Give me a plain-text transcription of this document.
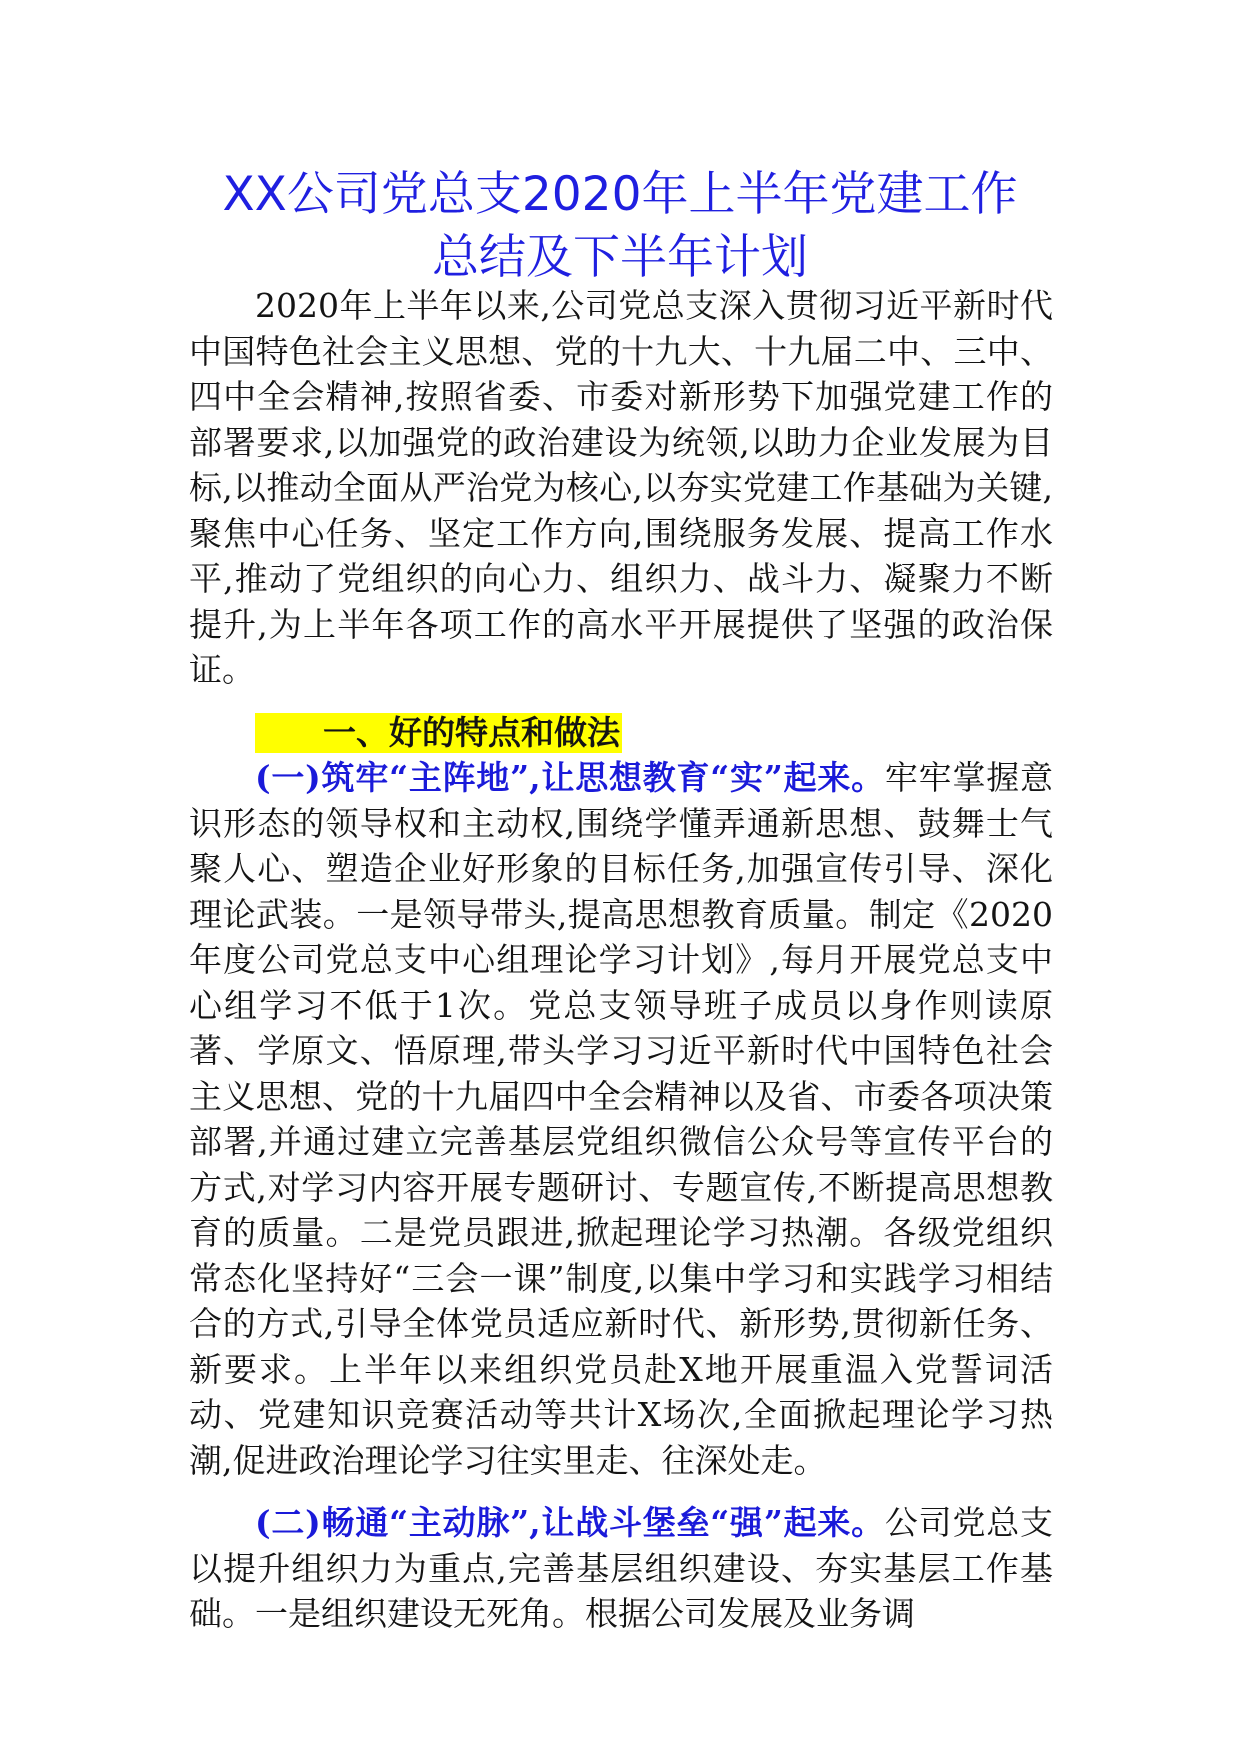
XX公司党总支2020年上半年党建工作
总结及下半年计划

2020年上半年以来,公司党总支深入贯彻习近平新时代中国特色社会主义思想、党的十九大、十九届二中、三中、四中全会精神,按照省委、市委对新形势下加强党建工作的部署要求,以加强党的政治建设为统领,以助力企业发展为目标,以推动全面从严治党为核心,以夯实党建工作基础为关键,聚焦中心任务、坚定工作方向,围绕服务发展、提高工作水平,推动了党组织的向心力、组织力、战斗力、凝聚力不断提升,为上半年各项工作的高水平开展提供了坚强的政治保证。

一、好的特点和做法

(一)筑牢“主阵地”,让思想教育“实”起来。牢牢掌握意识形态的领导权和主动权,围绕学懂弄通新思想、鼓舞士气聚人心、塑造企业好形象的目标任务,加强宣传引导、深化理论武装。一是领导带头,提高思想教育质量。制定《2020年度公司党总支中心组理论学习计划》,每月开展党总支中心组学习不低于1次。党总支领导班子成员以身作则读原著、学原文、悟原理,带头学习习近平新时代中国特色社会主义思想、党的十九届四中全会精神以及省、市委各项决策部署,并通过建立完善基层党组织微信公众号等宣传平台的方式,对学习内容开展专题研讨、专题宣传,不断提高思想教育的质量。二是党员跟进,掀起理论学习热潮。各级党组织常态化坚持好“三会一课”制度,以集中学习和实践学习相结合的方式,引导全体党员适应新时代、新形势,贯彻新任务、新要求。上半年以来组织党员赴X地开展重温入党誓词活动、党建知识竞赛活动等共计X场次,全面掀起理论学习热潮,促进政治理论学习往实里走、往深处走。

(二)畅通“主动脉”,让战斗堡垒“强”起来。公司党总支以提升组织力为重点,完善基层组织建设、夯实基层工作基础。一是组织建设无死角。根据公司发展及业务调
